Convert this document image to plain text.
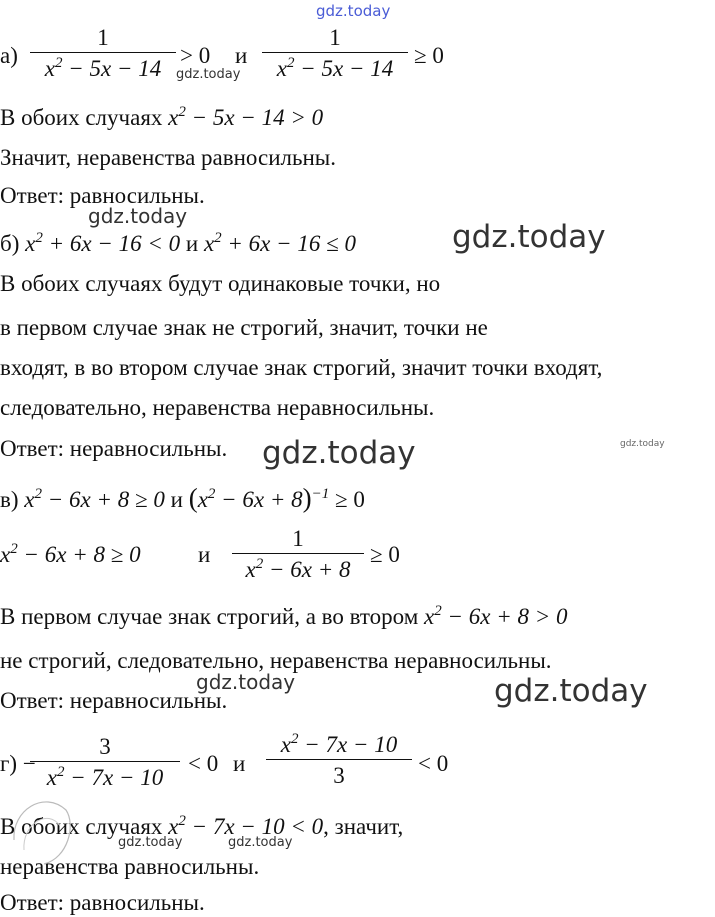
а)
1
$x^2 - 5x - 14$
> 0 и
1
$x^2 - 5x - 14$
≥ 0
В обоих случаях $x^2 - 5x - 14 > 0$
Значит, неравенства равносильны.
Ответ: равносильны.
б) $x^2 + 6x - 16 < 0$ и $x^2 + 6x - 16 \le 0$
В обоих случаях будут одинаковые точки, но
в первом случае знак не строгий, значит, точки не
входят, в во втором случае знак строгий, значит точки входят,
следовательно, неравенства неравносильны.
Ответ: неравносильны.
в) $x^2 - 6x + 8 \ge 0$ и $(x^2 - 6x + 8)^{-1} \ge 0$
$x^2 - 6x + 8 \ge 0$ и
1
$x^2 - 6x + 8$
≥ 0
В первом случае знак строгий, а во втором $x^2 - 6x + 8 > 0$
не строгий, следовательно, неравенства неравносильны.
Ответ: неравносильны.
г) −
3
$x^2 - 7x - 10$
< 0 и
$x^2 - 7x - 10$
3	< 0
В обоих случаях $x^2 - 7x - 10 < 0$, значит,
неравенства равносильны.
Ответ: равносильны.
gdz.today
gdz.today
gdz.today
gdz.today
gdz.today
gdz.today
gdz.today	gdz.today
gdz.today	gdz.today
